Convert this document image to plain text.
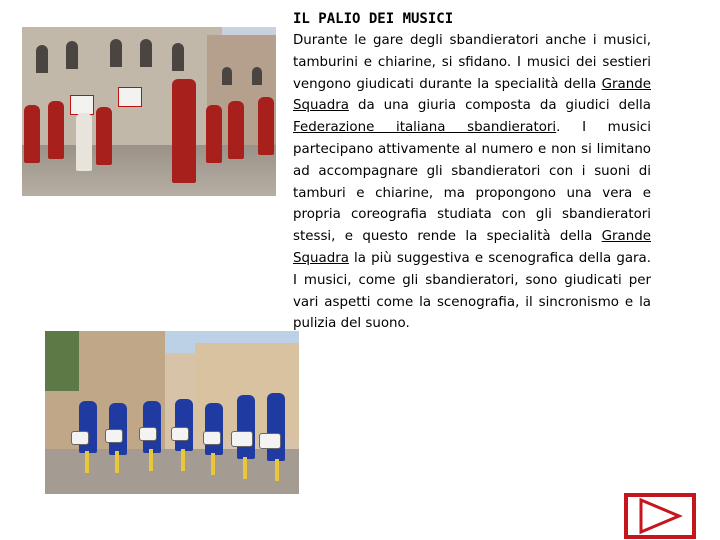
IL PALIO DEI MUSICI

Durante le gare degli sbandieratori anche i musici, tamburini e chiarine, si sfidano. I musici dei sestieri vengono giudicati durante la specialità della Grande Squadra da una giuria composta da giudici della Federazione italiana sbandieratori. I musici partecipano attivamente al numero e non si limitano ad accompagnare gli sbandieratori con i suoni di tamburi e chiarine, ma propongono una vera e propria coreografia studiata con gli sbandieratori stessi, e questo rende la specialità della Grande Squadra la più suggestiva e scenografica della gara. I musici, come gli sbandieratori, sono giudicati per vari aspetti come la scenografia, il sincronismo e la pulizia del suono.
